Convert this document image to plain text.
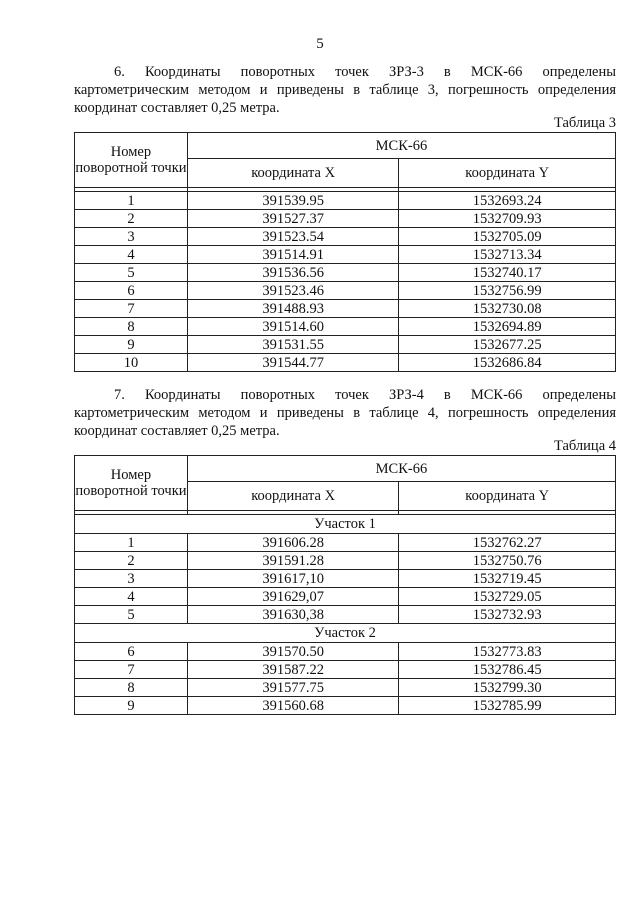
5
6. Координаты поворотных точек ЗРЗ-3 в МСК-66 определены
картометрическим методом и приведены в таблице 3, погрешность определения координат составляет 0,25 метра.
Таблица 3
Номер поворотной точки	МСК-66	
	координата X	координата Y

1	391539.95	1532693.24
2	391527.37	1532709.93
3	391523.54	1532705.09
4	391514.91	1532713.34
5	391536.56	1532740.17
6	391523.46	1532756.99
7	391488.93	1532730.08
8	391514.60	1532694.89
9	391531.55	1532677.25
10	391544.77	1532686.84
7. Координаты поворотных точек ЗРЗ-4 в МСК-66 определены
картометрическим методом и приведены в таблице 4, погрешность определения координат составляет 0,25 метра.
Таблица 4
Номер поворотной точки	МСК-66	
	координата X	координата Y

Участок 1		
1	391606.28	1532762.27
2	391591.28	1532750.76
3	391617,10	1532719.45
4	391629,07	1532729.05
5	391630,38	1532732.93
Участок 2		
6	391570.50	1532773.83
7	391587.22	1532786.45
8	391577.75	1532799.30
9	391560.68	1532785.99
